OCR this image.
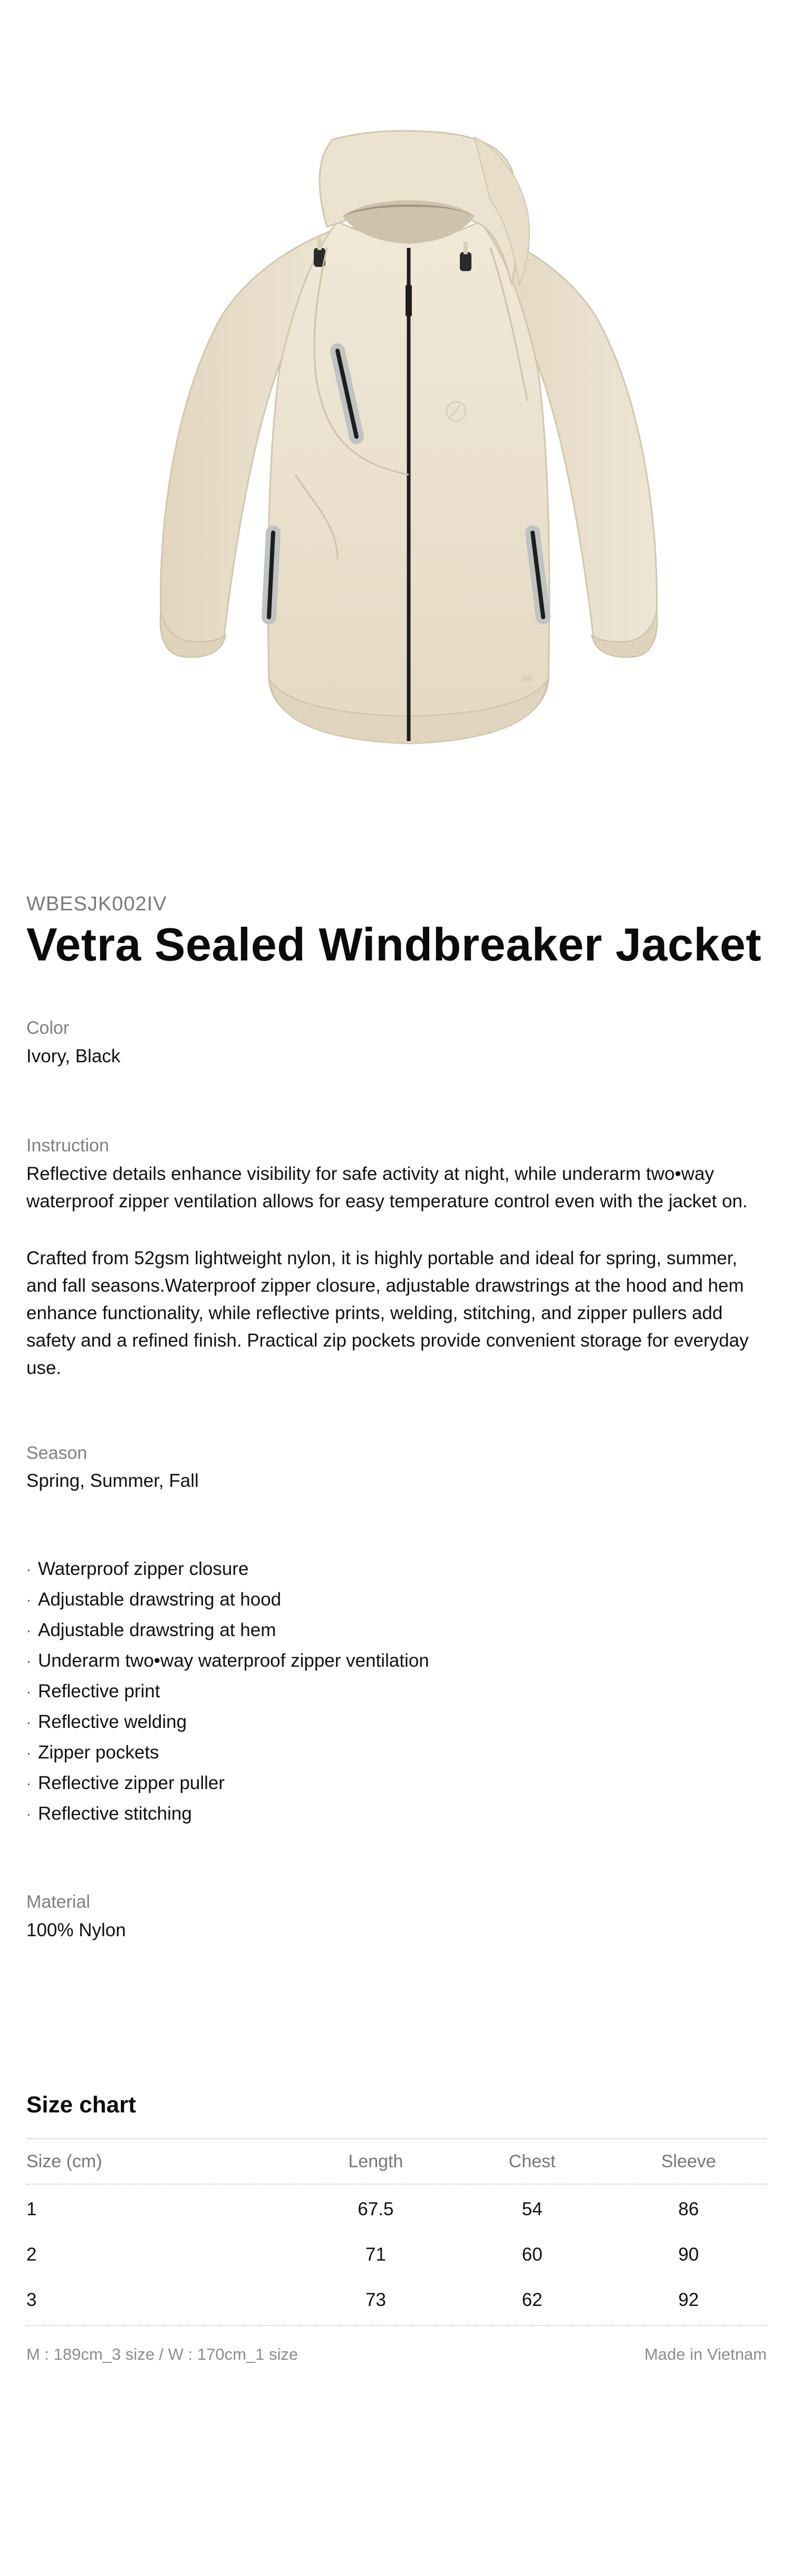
WBESJK002IV
Vetra Sealed Windbreaker Jacket
Color
Ivory, Black
Instruction

Reflective details enhance visibility for safe activity at night, while underarm two•way waterproof zipper ventilation allows for easy temperature control even with the jacket on.

Crafted from 52gsm lightweight nylon, it is highly portable and ideal for spring, summer, and fall seasons.Waterproof zipper closure, adjustable drawstrings at the hood and hem enhance functionality, while reflective prints, welding, stitching, and zipper pullers add safety and a refined finish. Practical zip pockets provide convenient storage for everyday use.

Season
Spring, Summer, Fall
· Waterproof zipper closure
· Adjustable drawstring at hood
· Adjustable drawstring at hem
· Underarm two•way waterproof zipper ventilation
· Reflective print
· Reflective welding
· Zipper pockets
· Reflective zipper puller
· Reflective stitching
Material
100% Nylon
Size chart
Size (cm)	Length	Chest	Sleeve
1	67.5	54	86
2	71	60	90
3	73	62	92
M : 189cm_3 size / W : 170cm_1 size	Made in Vietnam
